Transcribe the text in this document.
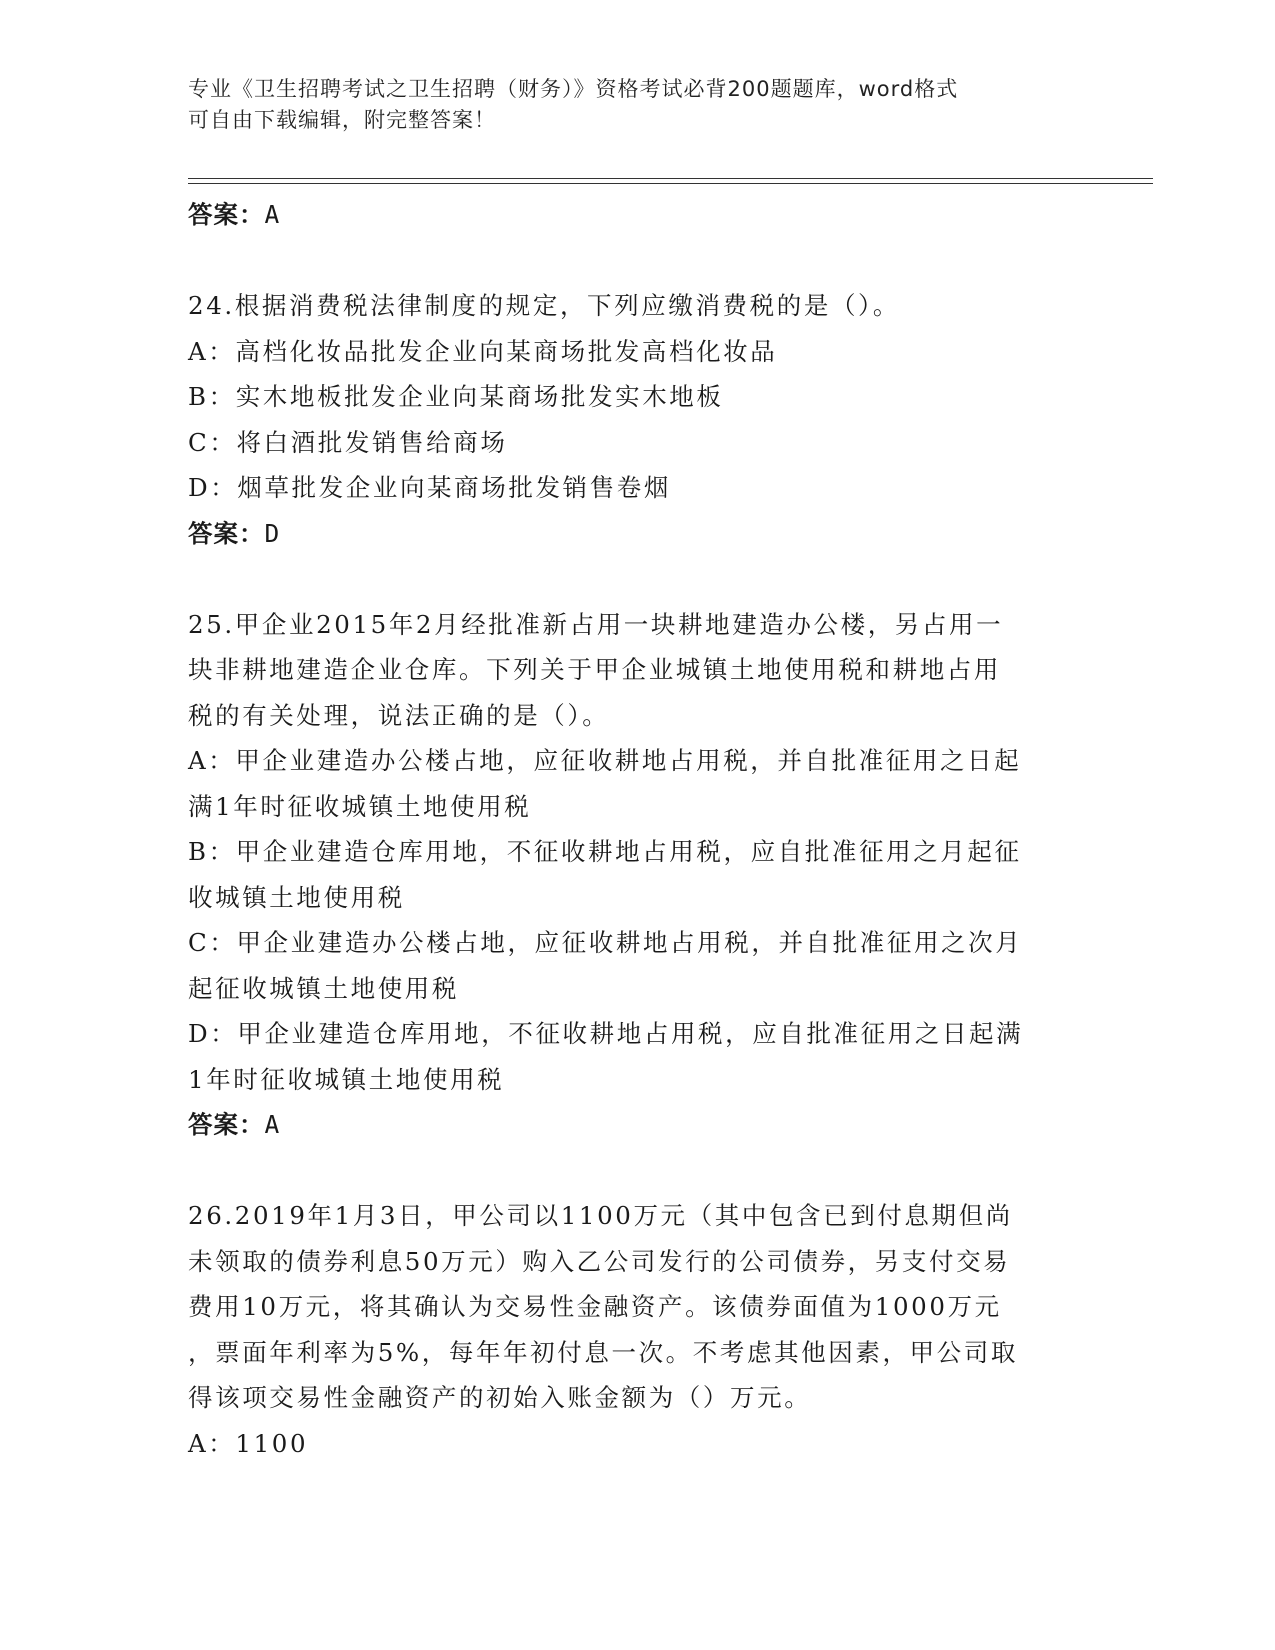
专业《卫生招聘考试之卫生招聘（财务）》资格考试必背200题题库，word格式
可自由下载编辑，附完整答案！
答案：A
24.根据消费税法律制度的规定，下列应缴消费税的是（）。
A：高档化妆品批发企业向某商场批发高档化妆品
B：实木地板批发企业向某商场批发实木地板
C：将白酒批发销售给商场
D：烟草批发企业向某商场批发销售卷烟
答案：D
25.甲企业2015年2月经批准新占用一块耕地建造办公楼，另占用一
块非耕地建造企业仓库。下列关于甲企业城镇土地使用税和耕地占用
税的有关处理，说法正确的是（）。
A：甲企业建造办公楼占地，应征收耕地占用税，并自批准征用之日起
满1年时征收城镇土地使用税
B：甲企业建造仓库用地，不征收耕地占用税，应自批准征用之月起征
收城镇土地使用税
C：甲企业建造办公楼占地，应征收耕地占用税，并自批准征用之次月
起征收城镇土地使用税
D：甲企业建造仓库用地，不征收耕地占用税，应自批准征用之日起满
1年时征收城镇土地使用税
答案：A
26.2019年1月3日，甲公司以1100万元（其中包含已到付息期但尚
未领取的债券利息50万元）购入乙公司发行的公司债券，另支付交易
费用10万元，将其确认为交易性金融资产。该债券面值为1000万元
，票面年利率为5%，每年年初付息一次。不考虑其他因素，甲公司取
得该项交易性金融资产的初始入账金额为（）万元。
A：1100
